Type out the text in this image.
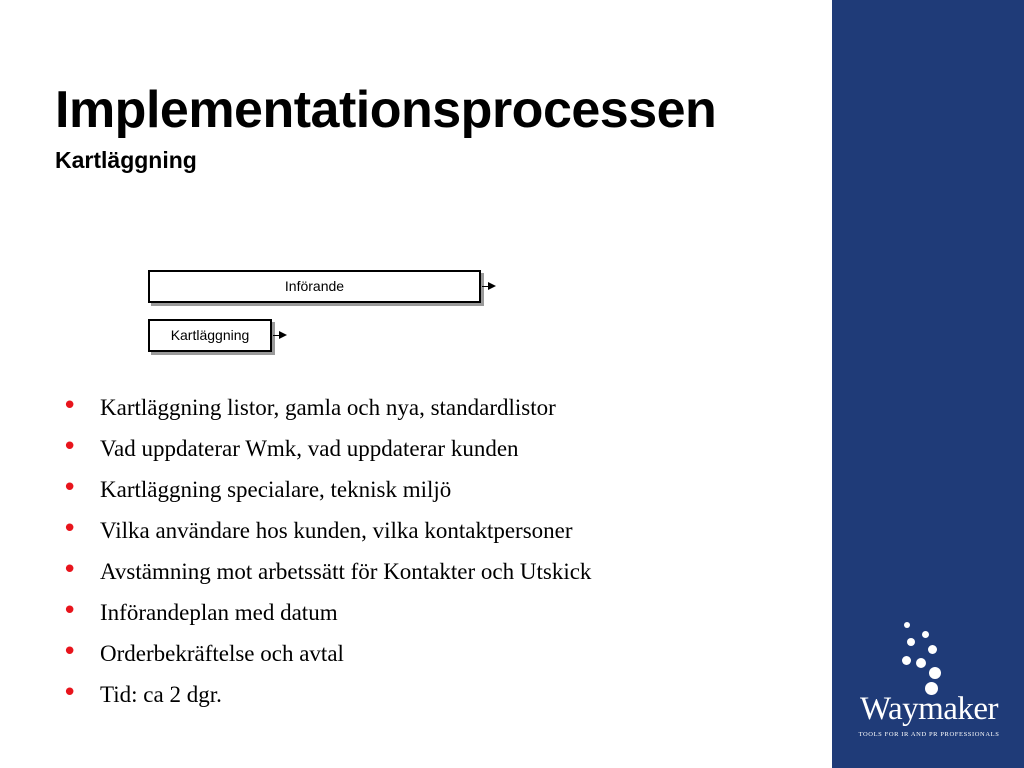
Implementationsprocessen
Kartläggning
Införande
Kartläggning
• Kartläggning listor, gamla och nya, standardlistor
• Vad uppdaterar Wmk, vad uppdaterar kunden
• Kartläggning specialare, teknisk miljö
• Vilka användare hos kunden, vilka kontaktpersoner
• Avstämning mot arbetssätt för Kontakter och Utskick
• Införandeplan med datum
• Orderbekräftelse och avtal
• Tid: ca 2 dgr.	Waymaker
TOOLS FOR IR AND PR PROFESSIONALS
